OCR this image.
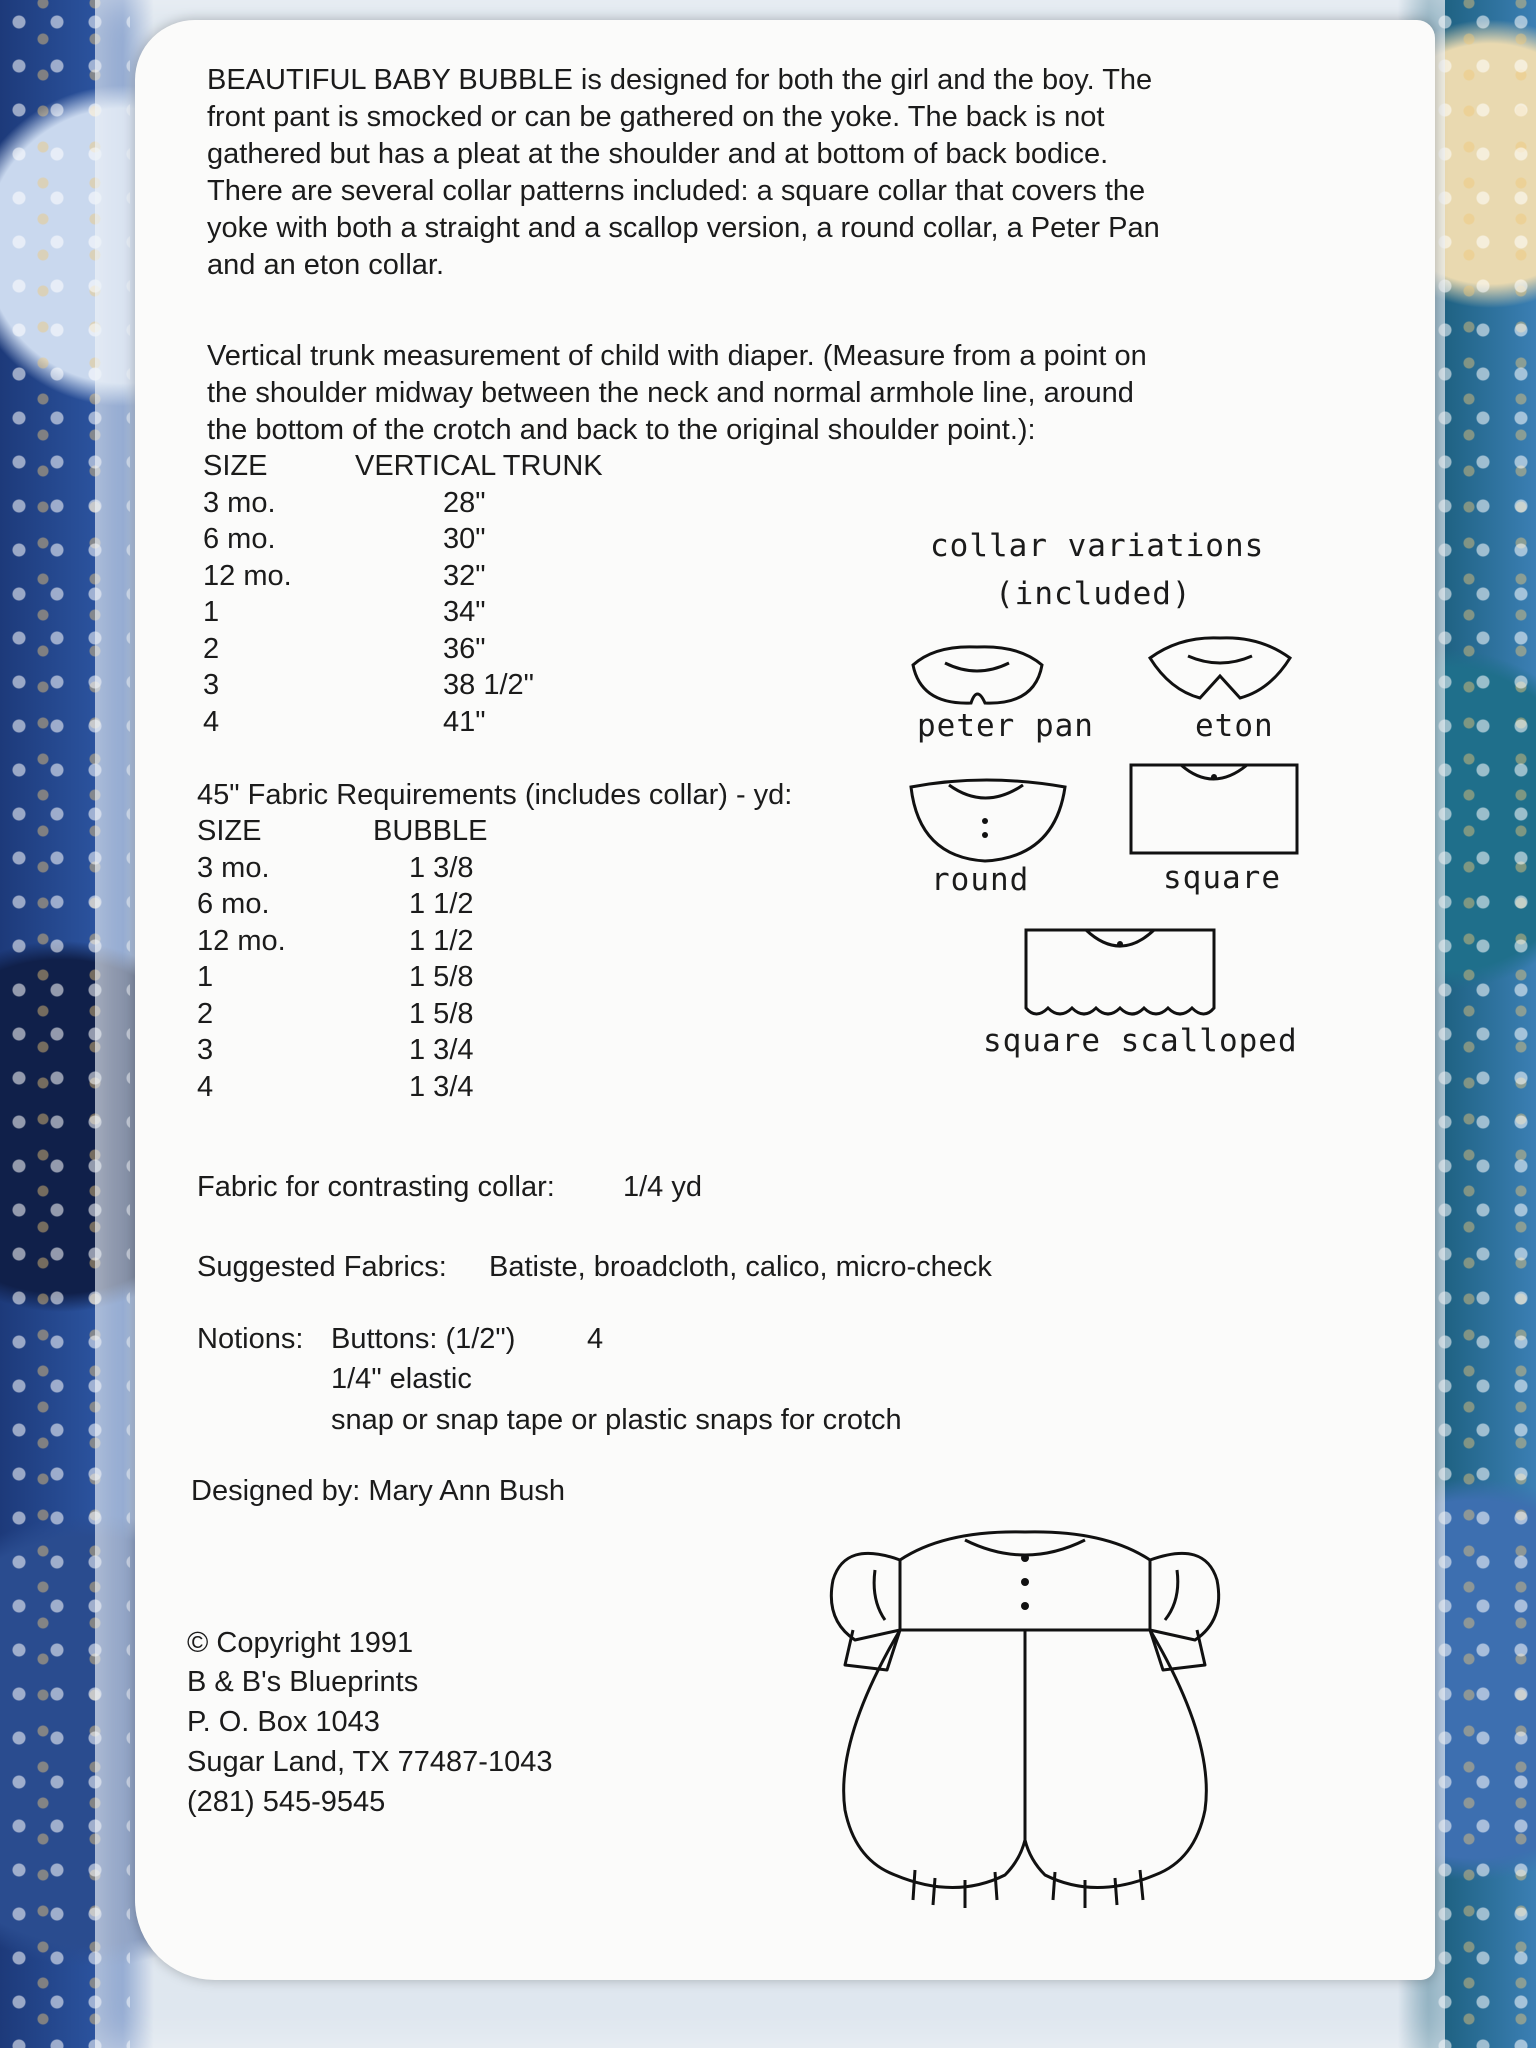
BEAUTIFUL BABY BUBBLE is designed for both the girl and the boy. The
front pant is smocked or can be gathered on the yoke. The back is not
gathered but has a pleat at the shoulder and at bottom of back bodice.
There are several collar patterns included: a square collar that covers the
yoke with both a straight and a scallop version, a round collar, a Peter Pan
and an eton collar.
Vertical trunk measurement of child with diaper. (Measure from a point on
the shoulder midway between the neck and normal armhole line, around
the bottom of the crotch and back to the original shoulder point.):
SIZE	VERTICAL TRUNK
3 mo.	28"
6 mo.	30"
12 mo.	32"
1	34"
2	36"
3	38 1/2"
4	41"
45" Fabric Requirements (includes collar) - yd:
SIZE	BUBBLE
3 mo.	1 3/8
6 mo.	1 1/2
12 mo.	1 1/2
1	1 5/8
2	1 5/8
3	1 3/4
4	1 3/4
Fabric for contrasting collar: 1/4 yd
Suggested Fabrics: Batiste, broadcloth, calico, micro-check
Notions: Buttons: (1/2") 4
1/4" elastic
snap or snap tape or plastic snaps for crotch
Designed by: Mary Ann Bush
© Copyright 1991
B & B's Blueprints
P. O. Box 1043
Sugar Land, TX 77487-1043
(281) 545-9545
collar variations
(included)
peter pan	eton
round	square
square scalloped
